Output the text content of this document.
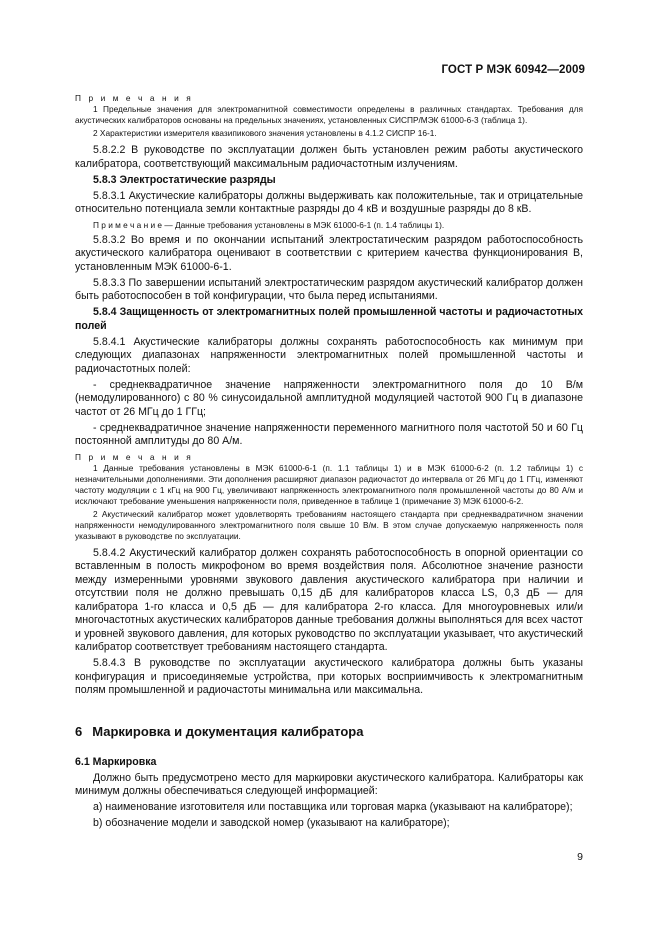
ГОСТ Р МЭК 60942—2009
П р и м е ч а н и я

1 Предельные значения для электромагнитной совместимости определены в различных стандартах. Требования для акустических калибраторов основаны на предельных значениях, установленных СИСПР/МЭК 61000-6-3 (таблица 1).

2 Характеристики измерителя квазипикового значения установлены в 4.1.2 СИСПР 16-1.

5.8.2.2 В руководстве по эксплуатации должен быть установлен режим работы акустического калибратора, соответствующий максимальным радиочастотным излучениям.

5.8.3 Электростатические разряды

5.8.3.1 Акустические калибраторы должны выдерживать как положительные, так и отрицательные относительно потенциала земли контактные разряды до 4 кВ и воздушные разряды до 8 кВ.

П р и м е ч а н и е — Данные требования установлены в МЭК 61000-6-1 (п. 1.4 таблицы 1).

5.8.3.2 Во время и по окончании испытаний электростатическим разрядом работоспособность акустического калибратора оценивают в соответствии с критерием качества функционирования В, установленным МЭК 61000-6-1.

5.8.3.3 По завершении испытаний электростатическим разрядом акустический калибратор должен быть работоспособен в той конфигурации, что была перед испытаниями.

5.8.4 Защищенность от электромагнитных полей промышленной частоты и радиочастотных полей

5.8.4.1 Акустические калибраторы должны сохранять работоспособность как минимум при следующих диапазонах напряженности электромагнитных полей промышленной частоты и радиочастотных полей:

- среднеквадратичное значение напряженности электромагнитного поля до 10 В/м (немодулированного) с 80 % синусоидальной амплитудной модуляцией частотой 900 Гц в диапазоне частот от 26 МГц до 1 ГГц;

- среднеквадратичное значение напряженности переменного магнитного поля частотой 50 и 60 Гц постоянной амплитуды до 80 А/м.

П р и м е ч а н и я

1 Данные требования установлены в МЭК 61000-6-1 (п. 1.1 таблицы 1) и в МЭК 61000-6-2 (п. 1.2 таблицы 1) с незначительными дополнениями. Эти дополнения расширяют диапазон радиочастот до интервала от 26 МГц до 1 ГГц, изменяют частоту модуляции с 1 кГц на 900 Гц, увеличивают напряженность электромагнитного поля промышленной частоты до 80 А/м и исключают требование уменьшения напряженности поля, приведенное в таблице 1 (примечание 3) МЭК 61000-6-2.

2 Акустический калибратор может удовлетворять требованиям настоящего стандарта при среднеквадратичном значении напряженности немодулированного электромагнитного поля свыше 10 В/м. В этом случае допускаемую напряженность поля указывают в руководстве по эксплуатации.

5.8.4.2 Акустический калибратор должен сохранять работоспособность в опорной ориентации со вставленным в полость микрофоном во время воздействия поля. Абсолютное значение разности между измеренными уровнями звукового давления акустического калибратора при наличии и отсутствии поля не должно превышать 0,15 дБ для калибраторов класса LS, 0,3 дБ — для калибратора 1-го класса и 0,5 дБ — для калибратора 2-го класса. Для многоуровневых или/и многочастотных акустических калибраторов данные требования должны выполняться для всех частот и уровней звукового давления, для которых руководство по эксплуатации указывает, что акустический калибратор соответствует требованиям настоящего стандарта.

5.8.4.3 В руководстве по эксплуатации акустического калибратора должны быть указаны конфигурация и присоединяемые устройства, при которых восприимчивость к электромагнитным полям промышленной и радиочастоты минимальна или максимальна.

6 Маркировка и документация калибратора
6.1 Маркировка

Должно быть предусмотрено место для маркировки акустического калибратора. Калибраторы как минимум должны обеспечиваться следующей информацией:

a) наименование изготовителя или поставщика или торговая марка (указывают на калибраторе);

b) обозначение модели и заводской номер (указывают на калибраторе);

9
